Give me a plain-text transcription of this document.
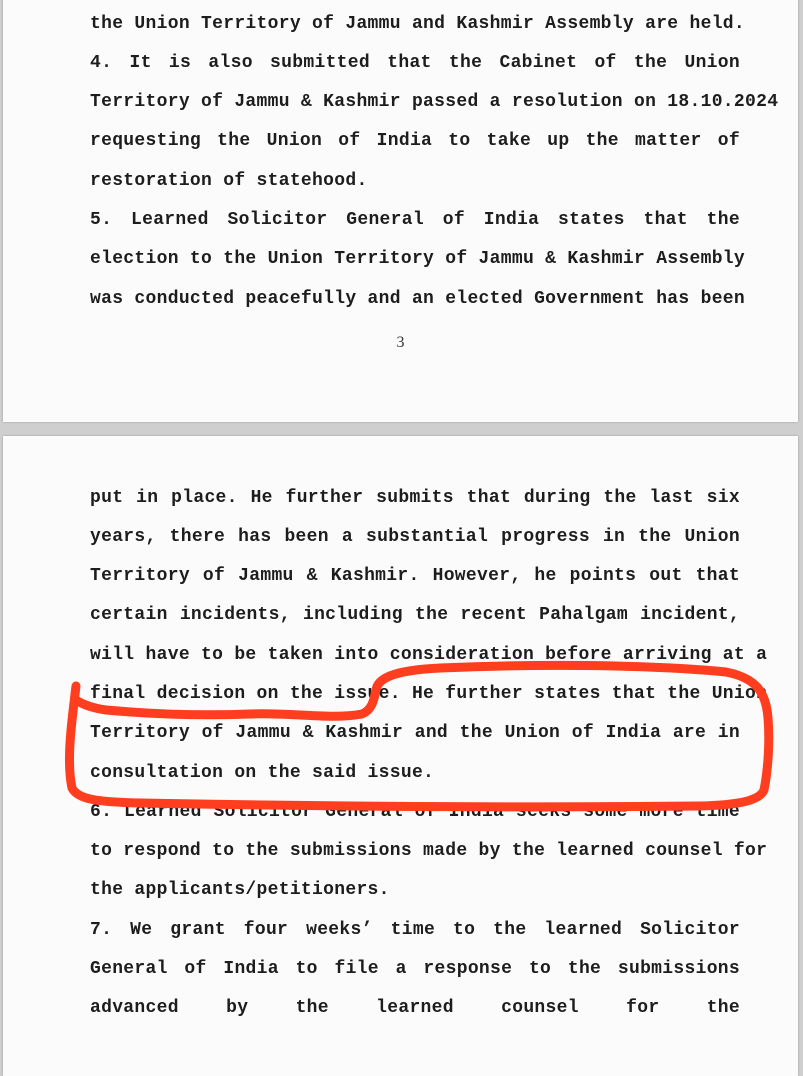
the Union Territory of Jammu and Kashmir Assembly are held.
4. It is also submitted that the Cabinet of the Union
Territory of Jammu & Kashmir passed a resolution on 18.10.2024
requesting the Union of India to take up the matter of
restoration of statehood.
5. Learned Solicitor General of India states that the
election to the Union Territory of Jammu & Kashmir Assembly
was conducted peacefully and an elected Government has been
3
put in place. He further submits that during the last six
years, there has been a substantial progress in the Union
Territory of Jammu & Kashmir. However, he points out that
certain incidents, including the recent Pahalgam incident,
will have to be taken into consideration before arriving at a
final decision on the issue. He further states that the Union
Territory of Jammu & Kashmir and the Union of India are in
consultation on the said issue.
6. Learned Solicitor General of India seeks some more time
to respond to the submissions made by the learned counsel for
the applicants/petitioners.
7. We grant four weeks’ time to the learned Solicitor
General of India to file a response to the submissions
advanced by the learned counsel for the
